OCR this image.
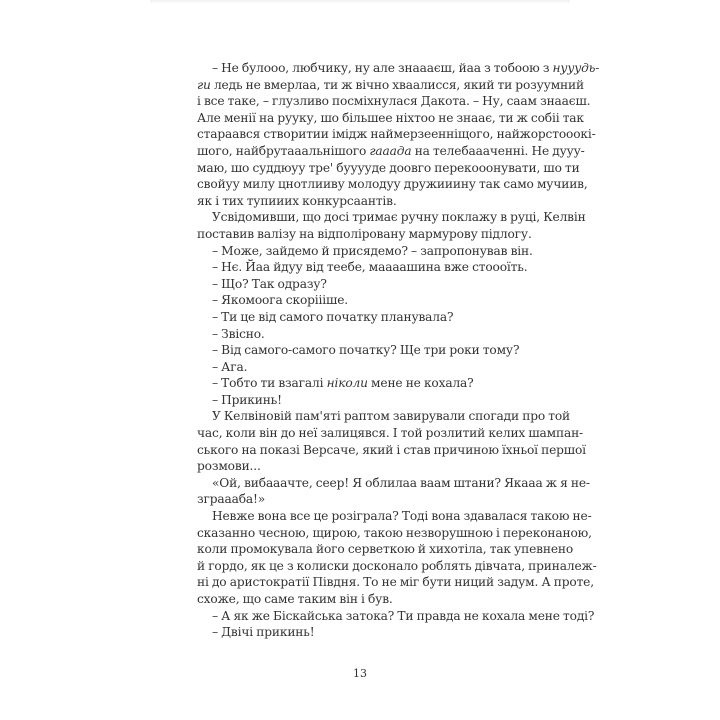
– Не булооо, любчику, ну але знаааєш, йаа з тобоою з нууудь-
ги ледь не вмерлаа, ти ж вічно хваалисся, який ти розуумний
і все таке, – глузливо посміхнулася Дакота. – Ну, саам знааєш.
Але менії на рууку, шо більшее ніхтоо не знаає, ти ж собіі так
стараався створитии імідж наймерзеенніщого, найжорстооокі-
шого, найбрутааальнішого гааада на телебаааченні. Не дууу-
маю, шо суддюуу тре' бууууде доовго перекооонувати, шо ти
свойуу милу цнотлииву молодуу дружииину так само мучиив,
як і тих тупииих конкурсаантів.
Усвідомивши, що досі тримає ручну поклажу в руці, Келвін
поставив валізу на відполіровану мармурову підлогу.
– Може, зайдемо й присядемо? – запропонував він.
– Нє. Йаа йдуу від теебе, маааашина вже стоооїть.
– Що? Так одразу?
– Якомоога скоріііше.
– Ти це від самого початку планувала?
– Звісно.
– Від самого-самого початку? Ще три роки тому?
– Ага.
– Тобто ти взагалі ніколи мене не кохала?
– Прикинь!
У Келвіновій пам'яті раптом завирували спогади про той
час, коли він до неї залицявся. І той розлитий келих шампан-
ського на показі Версаче, який і став причиною їхньої першої
розмови...
«Ой, вибааачте, сеер! Я облилаа ваам штани? Якааа ж я не-
зграааба!»
Невже вона все це розіграла? Тоді вона здавалася такою не-
сказанно чесною, щирою, такою незворушною і переконаною,
коли промокувала його серветкою й хихотіла, так упевнено
й гордо, як це з колиски досконало роблять дівчата, приналеж-
ні до аристократії Півдня. То не міг бути ниций задум. А проте,
схоже, що саме таким він і був.
– А як же Біскайська затока? Ти правда не кохала мене тоді?
– Двічі прикинь!
13
